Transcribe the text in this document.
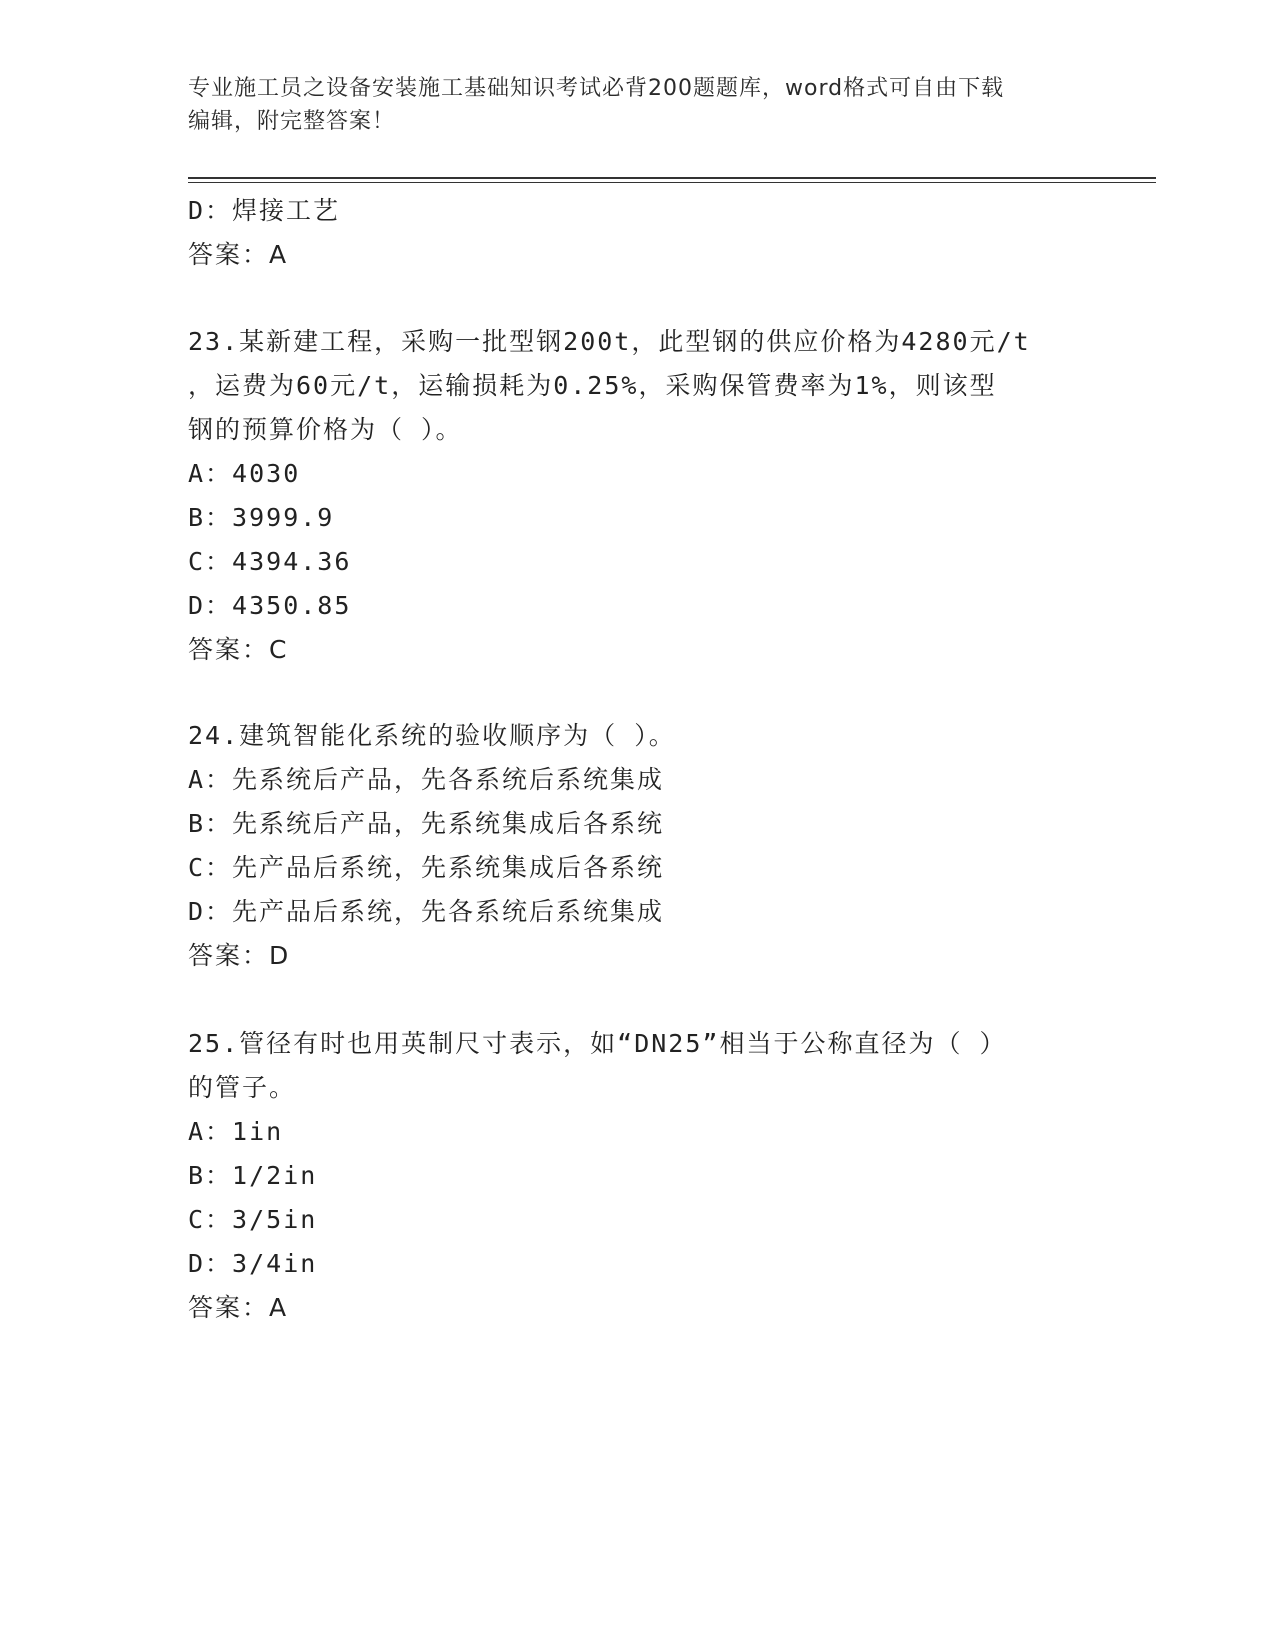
专业施工员之设备安装施工基础知识考试必背200题题库，word格式可自由下载
编辑，附完整答案！
D：焊接工艺
答案：A
23.某新建工程，采购一批型钢200t，此型钢的供应价格为4280元/t
，运费为60元/t，运输损耗为0.25%，采购保管费率为1%，则该型
钢的预算价格为（ ）。
A：4030
B：3999.9
C：4394.36
D：4350.85
答案：C
24.建筑智能化系统的验收顺序为（ ）。
A：先系统后产品，先各系统后系统集成
B：先系统后产品，先系统集成后各系统
C：先产品后系统，先系统集成后各系统
D：先产品后系统，先各系统后系统集成
答案：D
25.管径有时也用英制尺寸表示，如“DN25”相当于公称直径为（ ）
的管子。
A：1in
B：1/2in
C：3/5in
D：3/4in
答案：A
